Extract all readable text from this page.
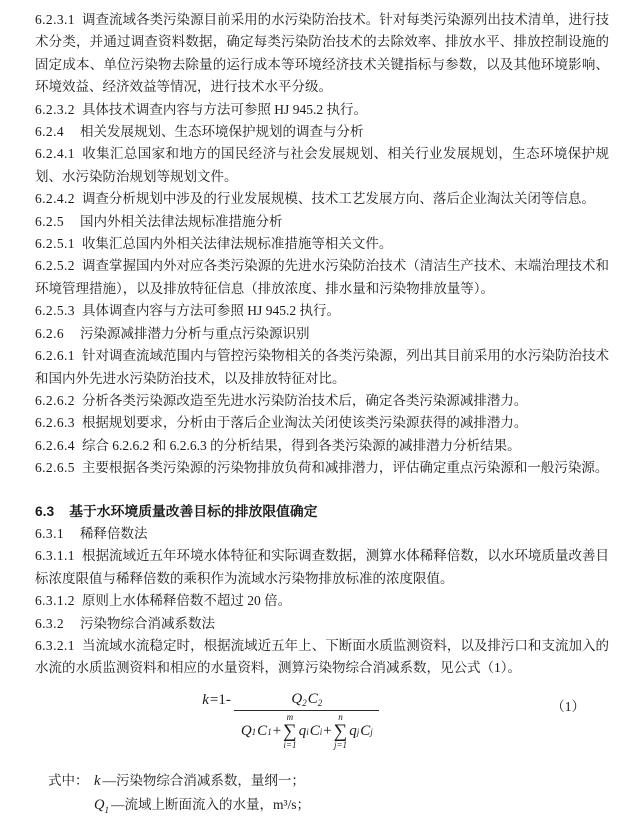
6.2.3.1 调查流域各类污染源目前采用的水污染防治技术。针对每类污染源列出技术清单，进行技术分类，并通过调查资料数据，确定每类污染防治技术的去除效率、排放水平、排放控制设施的固定成本、单位污染物去除量的运行成本等环境经济技术关键指标与参数，以及其他环境影响、环境效益、经济效益等情况，进行技术水平分级。

6.2.3.2 具体技术调查内容与方法可参照 HJ 945.2 执行。

6.2.4 相关发展规划、生态环境保护规划的调查与分析

6.2.4.1 收集汇总国家和地方的国民经济与社会发展规划、相关行业发展规划，生态环境保护规划、水污染防治规划等规划文件。

6.2.4.2 调查分析规划中涉及的行业发展规模、技术工艺发展方向、落后企业淘汰关闭等信息。

6.2.5 国内外相关法律法规标准措施分析

6.2.5.1 收集汇总国内外相关法律法规标准措施等相关文件。

6.2.5.2 调查掌握国内外对应各类污染源的先进水污染防治技术（清洁生产技术、末端治理技术和环境管理措施），以及排放特征信息（排放浓度、排水量和污染物排放量等）。

6.2.5.3 具体调查内容与方法可参照 HJ 945.2 执行。

6.2.6 污染源减排潜力分析与重点污染源识别

6.2.6.1 针对调查流域范围内与管控污染物相关的各类污染源，列出其目前采用的水污染防治技术和国内外先进水污染防治技术，以及排放特征对比。

6.2.6.2 分析各类污染源改造至先进水污染防治技术后，确定各类污染源减排潜力。

6.2.6.3 根据规划要求，分析由于落后企业淘汰关闭使该类污染源获得的减排潜力。

6.2.6.4 综合 6.2.6.2 和 6.2.6.3 的分析结果，得到各类污染源的减排潜力分析结果。

6.2.6.5 主要根据各类污染源的污染物排放负荷和减排潜力，评估确定重点污染源和一般污染源。

6.3 基于水环境质量改善目标的排放限值确定

6.3.1 稀释倍数法

6.3.1.1 根据流域近五年环境水体特征和实际调查数据，测算水体稀释倍数，以水环境质量改善目标浓度限值与稀释倍数的乘积作为流域水污染物排放标准的浓度限值。

6.3.1.2 原则上水体稀释倍数不超过 20 倍。

6.3.2 污染物综合消减系数法

6.3.2.1 当流域水流稳定时，根据流域近五年上、下断面水质监测资料，以及排污口和支流加入的水流的水质监测资料和相应的水量资料，测算污染物综合消减系数，见公式（1）。

k=1- $Q_2C_2$
Q 1 C 1 +
m
∑
i=1
q i C i +
n
∑
j=1
q j C j	（1）
式中： k —污染物综合消减系数，量纲一；
$Q_1$ —流域上断面流入的水量，m³/s；
